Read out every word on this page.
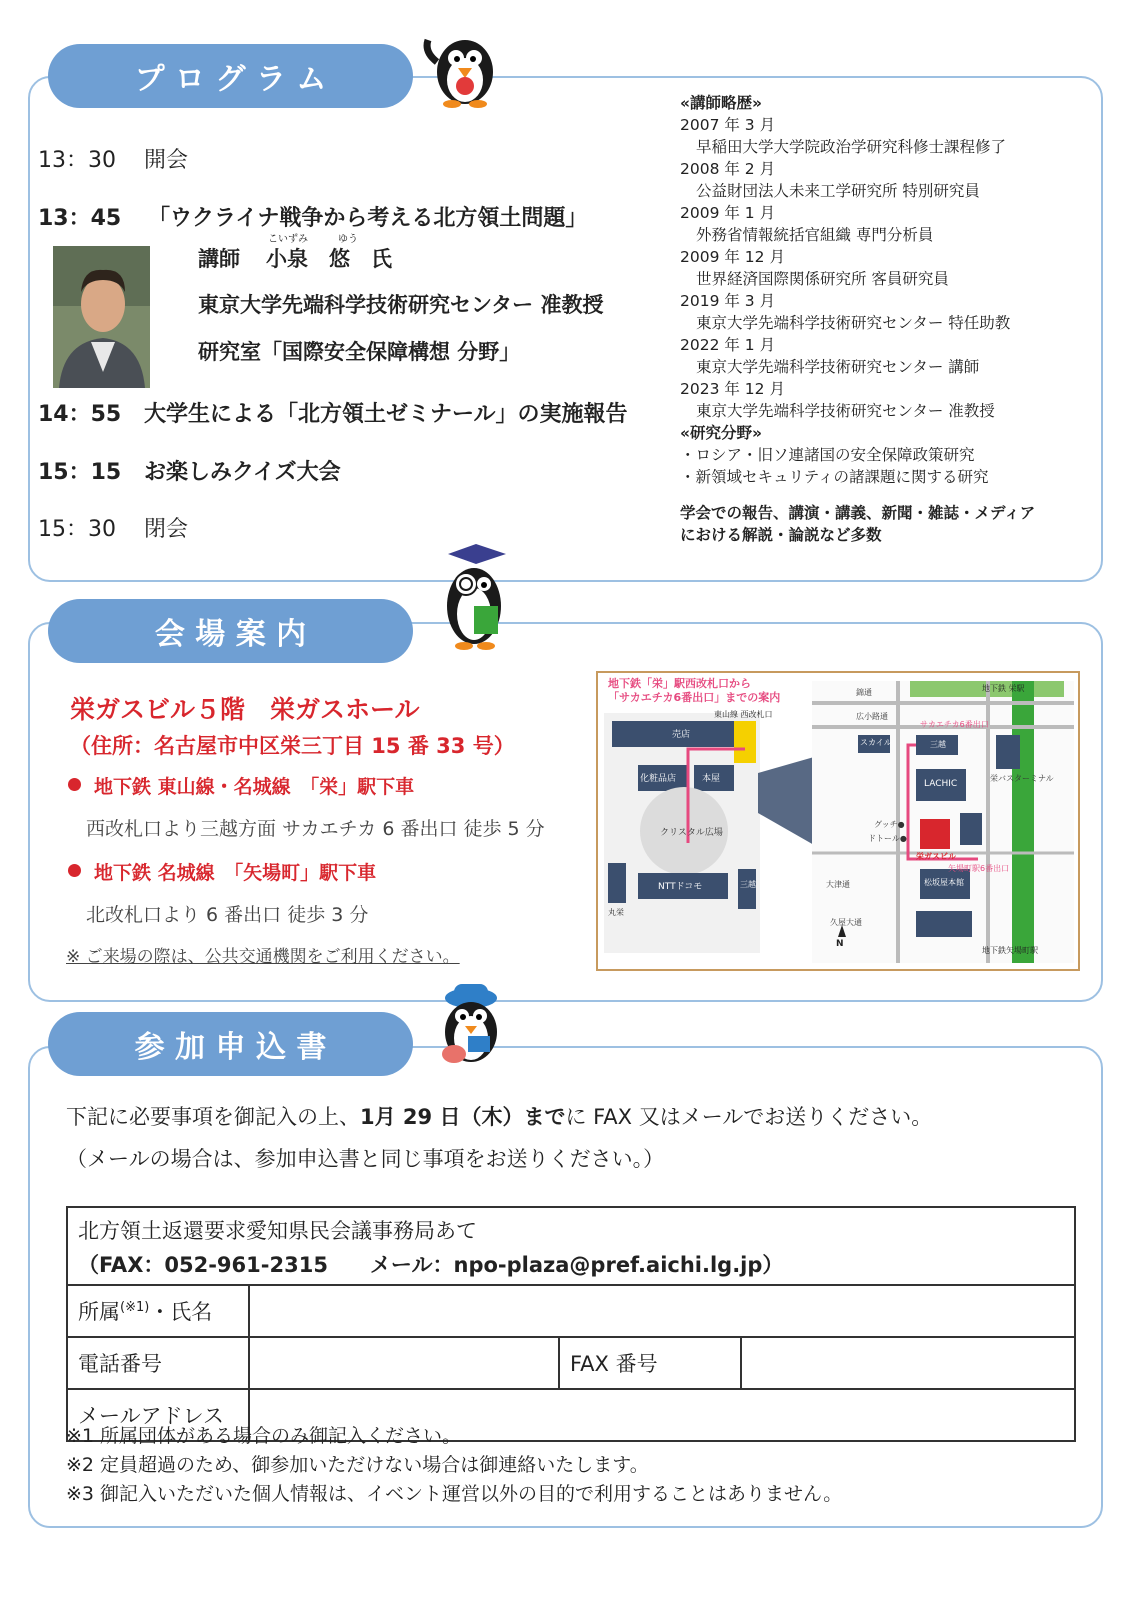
プ ロ グ ラ ム
13：30 開会
13：45 「ウクライナ戦争から考える北方領土問題」
講師
こいずみ	ゆう
小泉　悠　氏
東京大学先端科学技術研究センター 准教授
研究室「国際安全保障構想 分野」
14：55 大学生による「北方領土ゼミナール」の実施報告
15：15 お楽しみクイズ大会
15：30 閉会
«講師略歴»
2007 年 3 月
早稲田大学大学院政治学研究科修士課程修了
2008 年 2 月
公益財団法人未来工学研究所 特別研究員
2009 年 1 月
外務省情報統括官組織 専門分析員
2009 年 12 月
世界経済国際関係研究所 客員研究員
2019 年 3 月
東京大学先端科学技術研究センター 特任助教
2022 年 1 月
東京大学先端科学技術研究センター 講師
2023 年 12 月
東京大学先端科学技術研究センター 准教授
«研究分野»
・ロシア・旧ソ連諸国の安全保障政策研究
・新領域セキュリティの諸課題に関する研究
学会での報告、講演・講義、新聞・雑誌・メディア
における解説・論説など多数
会 場 案 内
栄ガスビル５階　栄ガスホール
（住所：名古屋市中区栄三丁目 15 番 33 号）
地下鉄 東山線・名城線　「栄」駅下車
西改札口より三越方面 サカエチカ 6 番出口 徒歩 5 分
地下鉄 名城線　「矢場町」駅下車
北改札口より 6 番出口 徒歩 3 分
※ ご来場の際は、公共交通機関をご利用ください。
地下鉄「栄」駅西改札口から
「サカエチカ6番出口」までの案内
売店
化粧品店	本屋
クリスタル広場
NTTドコモ	三越
東山線 西改札口
丸栄
錦通
広小路通
スカイル
サカエチカ6番出口
三越
LACHIC
栄ガスビル
グッチ●
ドトール●
栄バスターミナル
松坂屋本館
矢場町駅6番出口
地下鉄 栄駅
地下鉄矢場町駅
久屋大通
大津通
N
参 加 申 込 書
下記に必要事項を御記入の上、1月 29 日（木）までに FAX 又はメールでお送りください。
（メールの場合は、参加申込書と同じ事項をお送りください。）
北方領土返還要求愛知県民会議事務局あて
（FAX：052-961-2315　　メール：npo-plaza@pref.aichi.lg.jp）			

所属$^{(※1)}$・氏名			
電話番号		FAX 番号	
メールアドレス			
※1 所属団体がある場合のみ御記入ください。
※2 定員超過のため、御参加いただけない場合は御連絡いたします。
※3 御記入いただいた個人情報は、イベント運営以外の目的で利用することはありません。
